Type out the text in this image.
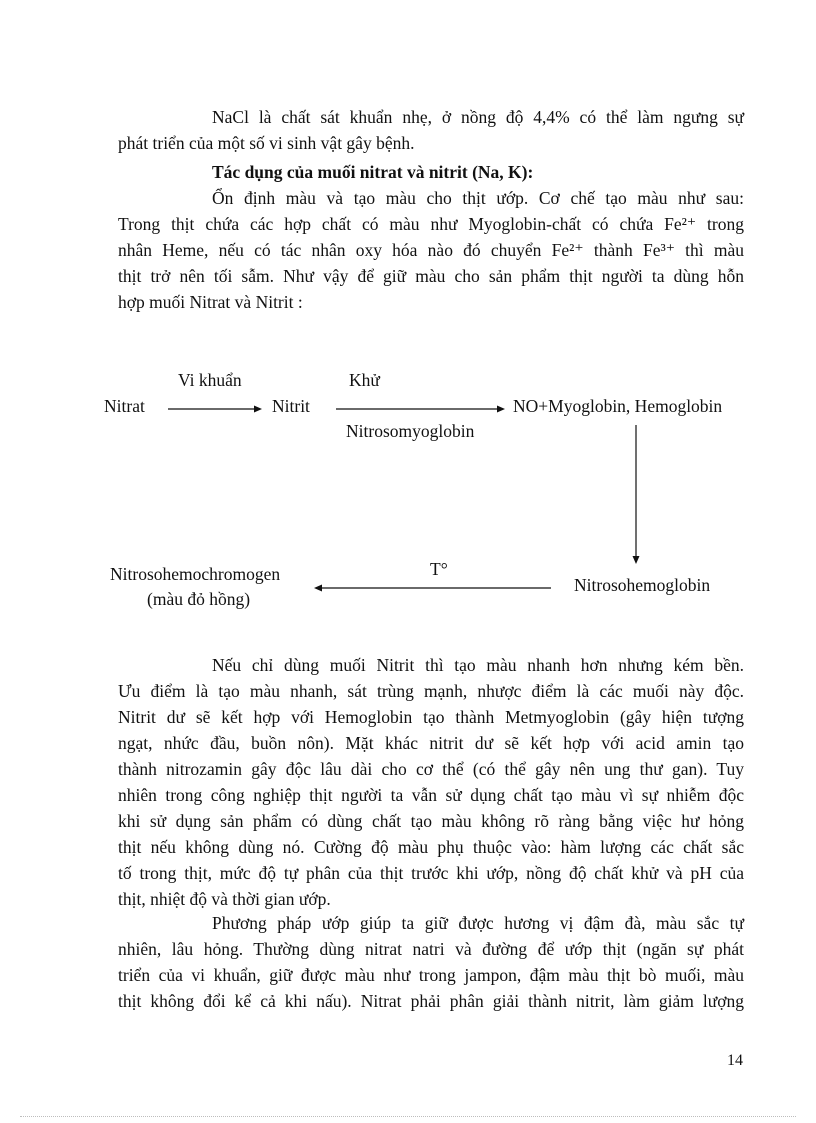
NaCl là chất sát khuẩn nhẹ, ở nồng độ 4,4% có thể làm ngưng sự
phát triển của một số vi sinh vật gây bệnh.
Tác dụng của muối nitrat và nitrit (Na, K):
Ổn định màu và tạo màu cho thịt ướp. Cơ chế tạo màu như sau:
Trong thịt chứa các hợp chất có màu như Myoglobin-chất có chứa Fe²⁺ trong
nhân Heme, nếu có tác nhân oxy hóa nào đó chuyển Fe²⁺ thành Fe³⁺ thì màu
thịt trở nên tối sẫm. Như vậy để giữ màu cho sản phẩm thịt người ta dùng hỗn
hợp muối Nitrat và Nitrit :
Vi khuẩn	Khử
Nitrat	Nitrit	NO+Myoglobin, Hemoglobin
Nitrosomyoglobin
T°
Nitrosohemochromogen
(màu đỏ hồng)
Nitrosohemoglobin
Nếu chỉ dùng muối Nitrit thì tạo màu nhanh hơn nhưng kém bền.
Ưu điểm là tạo màu nhanh, sát trùng mạnh, nhược điểm là các muối này độc.
Nitrit dư sẽ kết hợp với Hemoglobin tạo thành Metmyoglobin (gây hiện tượng
ngạt, nhức đầu, buồn nôn). Mặt khác nitrit dư sẽ kết hợp với acid amin tạo
thành nitrozamin gây độc lâu dài cho cơ thể (có thể gây nên ung thư gan). Tuy
nhiên trong công nghiệp thịt người ta vẫn sử dụng chất tạo màu vì sự nhiễm độc
khi sử dụng sản phẩm có dùng chất tạo màu không rõ ràng bằng việc hư hỏng
thịt nếu không dùng nó. Cường độ màu phụ thuộc vào: hàm lượng các chất sắc
tố trong thịt, mức độ tự phân của thịt trước khi ướp, nồng độ chất khử và pH của
thịt, nhiệt độ và thời gian ướp.
Phương pháp ướp giúp ta giữ được hương vị đậm đà, màu sắc tự
nhiên, lâu hỏng. Thường dùng nitrat natri và đường để ướp thịt (ngăn sự phát
triển của vi khuẩn, giữ được màu như trong jampon, đậm màu thịt bò muối, màu
thịt không đổi kể cả khi nấu). Nitrat phải phân giải thành nitrit, làm giảm lượng
14
